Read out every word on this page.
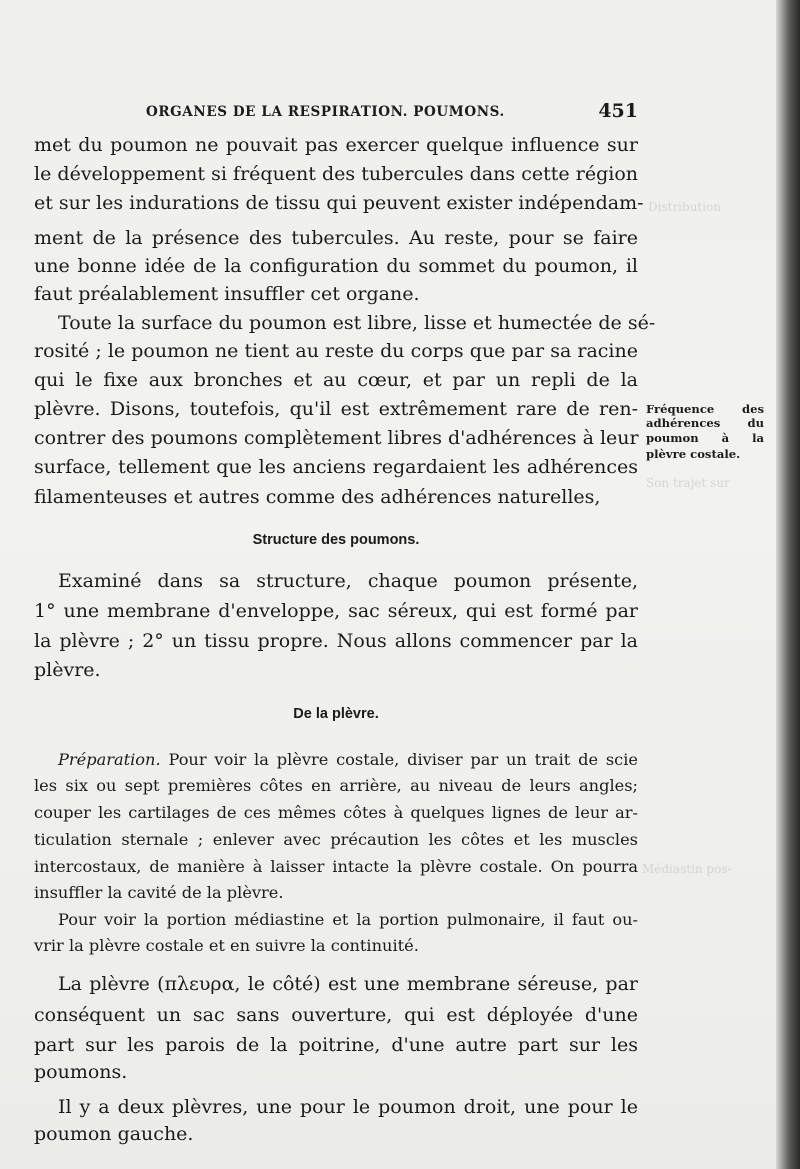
Distribution
Son trajet sur
Médiastin pos-
ORGANES DE LA RESPIRATION. POUMONS.	451
met du poumon ne pouvait pas exercer quelque influence sur
le développement si fréquent des tubercules dans cette région
et sur les indurations de tissu qui peuvent exister indépendam-
ment de la présence des tubercules. Au reste, pour se faire
une bonne idée de la configuration du sommet du poumon, il
faut préalablement insuffler cet organe.
Toute la surface du poumon est libre, lisse et humectée de sé-
rosité ; le poumon ne tient au reste du corps que par sa racine
qui le fixe aux bronches et au cœur, et par un repli de la
plèvre. Disons, toutefois, qu'il est extrêmement rare de ren-
contrer des poumons complètement libres d'adhérences à leur
surface, tellement que les anciens regardaient les adhérences
filamenteuses et autres comme des adhérences naturelles,
Fréquence des
adhérences du
poumon à la
plèvre costale.
Structure des poumons.
Examiné dans sa structure, chaque poumon présente,
1° une membrane d'enveloppe, sac séreux, qui est formé par
la plèvre ; 2° un tissu propre. Nous allons commencer par la
plèvre.
De la plèvre.
Préparation. Pour voir la plèvre costale, diviser par un trait de scie
les six ou sept premières côtes en arrière, au niveau de leurs angles;
couper les cartilages de ces mêmes côtes à quelques lignes de leur ar-
ticulation sternale ; enlever avec précaution les côtes et les muscles
intercostaux, de manière à laisser intacte la plèvre costale. On pourra
insuffler la cavité de la plèvre.
Pour voir la portion médiastine et la portion pulmonaire, il faut ou-
vrir la plèvre costale et en suivre la continuité.
La plèvre (πλευρα, le côté) est une membrane séreuse, par
conséquent un sac sans ouverture, qui est déployée d'une
part sur les parois de la poitrine, d'une autre part sur les
poumons.
Il y a deux plèvres, une pour le poumon droit, une pour le
poumon gauche.
